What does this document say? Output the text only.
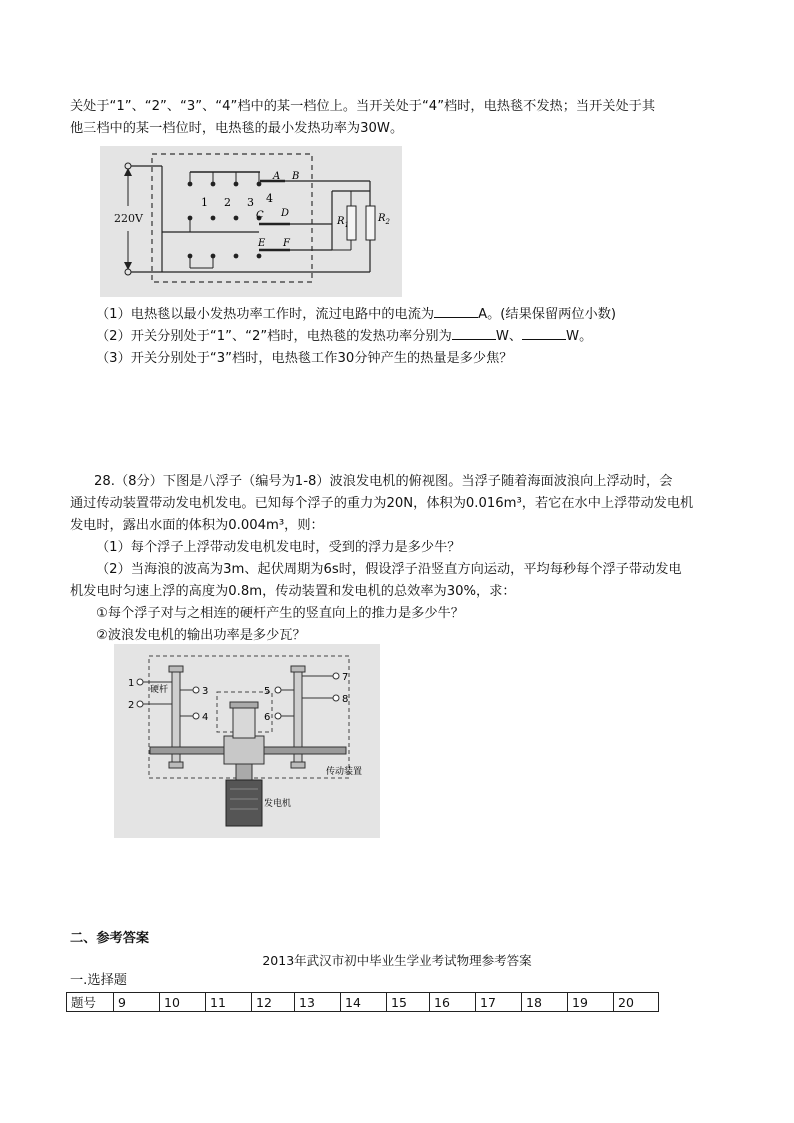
关处于“1”、“2”、“3”、“4”档中的某一档位上。当开关处于“4”档时，电热毯不发热；当开关处于其
他三档中的某一档位时，电热毯的最小发热功率为30W。
220V
A B
1 2 3 4
C D
E F
$R_1$
$R_2$
（1）电热毯以最小发热功率工作时，流过电路中的电流为	A。(结果保留两位小数)
（2）开关分别处于“1”、“2”档时，电热毯的发热功率分别为	W、	W。
（3）开关分别处于“3”档时，电热毯工作30分钟产生的热量是多少焦？
28.（8分）下图是八浮子（编号为1-8）波浪发电机的俯视图。当浮子随着海面波浪向上浮动时，会
通过传动装置带动发电机发电。已知每个浮子的重力为20N，体积为0.016m³，若它在水中上浮带动发电机
发电时，露出水面的体积为0.004m³，则：
（1）每个浮子上浮带动发电机发电时，受到的浮力是多少牛？
（2）当海浪的波高为3m、起伏周期为6s时，假设浮子沿竖直方向运动，平均每秒每个浮子带动发电
机发电时匀速上浮的高度为0.8m，传动装置和发电机的总效率为30%，求：
①每个浮子对与之相连的硬杆产生的竖直向上的推力是多少牛？
②波浪发电机的输出功率是多少瓦？
1
2
3
4
5
6
7
8
硬杆
传动装置
发电机
二、参考答案
2013年武汉市初中毕业生学业考试物理参考答案
一.选择题
题号	9	10	11	12	13	14	15	16	17	18	19	20
